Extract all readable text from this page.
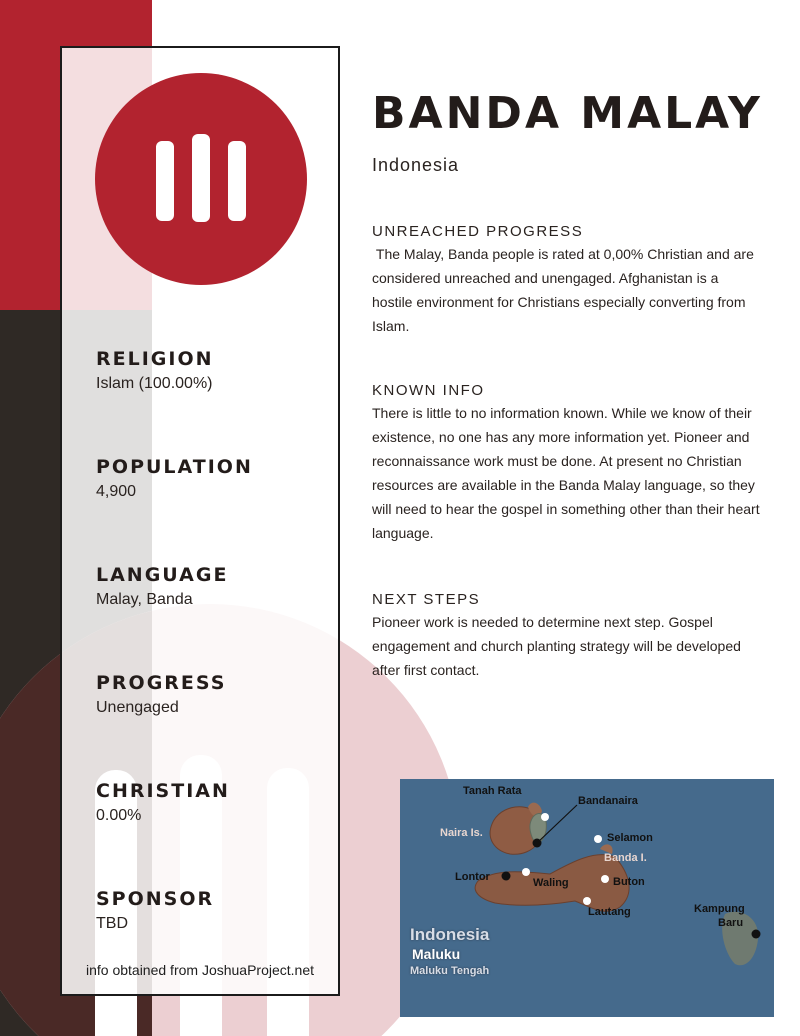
RELIGION
Islam (100.00%)
POPULATION
4,900
LANGUAGE
Malay, Banda
PROGRESS
Unengaged
CHRISTIAN
0.00%
SPONSOR
TBD
info obtained from JoshuaProject.net
BANDA MALAY
Indonesia
UNREACHED PROGRESS
The Malay, Banda people is rated at 0,00% Christian and are considered unreached and unengaged. Afghanistan is a hostile environment for Christians especially converting from Islam.
KNOWN INFO
There is little to no information known. While we know of their existence, no one has any more information yet. Pioneer and reconnaissance work must be done. At present no Christian resources are available in the Banda Malay language, so they will need to hear the gospel in something other than their heart language.
NEXT STEPS
Pioneer work is needed to determine next step. Gospel engagement and church planting strategy will be developed after first contact.
Tanah Rata
Bandanaira
Naira Is.	Selamon
Banda I.
Lontor	Waling	Buton
Lautang	Kampung
Baru
Indonesia
Maluku
Maluku Tengah
